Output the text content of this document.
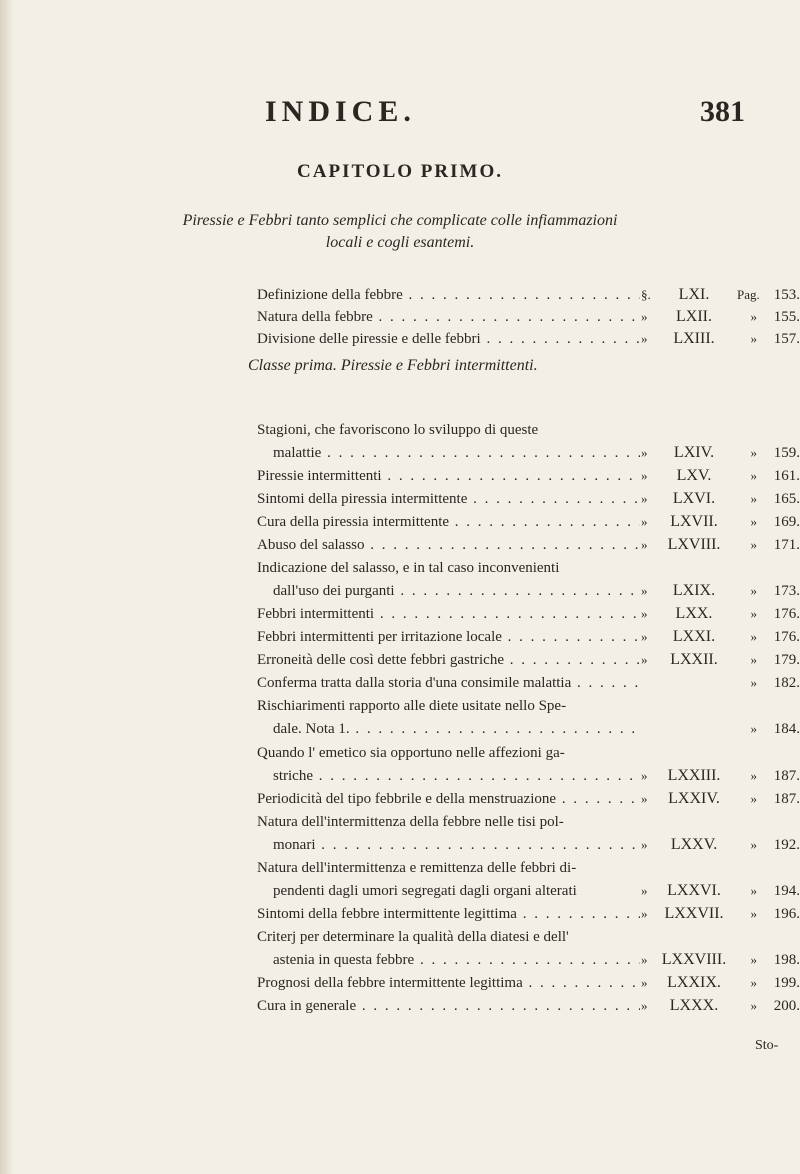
INDICE.	381
CAPITOLO PRIMO.
Piressie e Febbri tanto semplici che complicate colle infiammazioni
locali e cogli esantemi.
Classe prima. Piressie e Febbri intermittenti.
Definizione della febbre . . .	§.	LXI.	Pag. 153.
Natura della febbre . . .	»	LXII.	»	155.
Divisione delle piressie e delle febbri . . .	»	LXIII.	»	157.
Stagioni, che favoriscono lo sviluppo di queste
malattie . . .	»	LXIV.	»	159.
Piressie intermittenti . . .	»	LXV.	»	161.
Sintomi della piressia intermittente . . .	»	LXVI.	»	165.
Cura della piressia intermittente . . .	»	LXVII.	»	169.
Abuso del salasso . . .	»	LXVIII.	»	171.
Indicazione del salasso, e in tal caso inconvenienti
dall'uso dei purganti . . .	»	LXIX.	»	173.
Febbri intermittenti . . .	»	LXX.	»	176.
Febbri intermittenti per irritazione locale . . .	»	LXXI.	»	176.
Erroneità delle così dette febbri gastriche . . .	»	LXXII.	»	179.
Conferma tratta dalla storia d'una consimile malattia . . .	»	182.
Rischiarimenti rapporto alle diete usitate nello Spe-
dale. Nota 1. . . .	»	184.
Quando l' emetico sia opportuno nelle affezioni ga-
striche . . .	»	LXXIII.	»	187.
Periodicità del tipo febbrile e della menstruazione . . .	»	LXXIV.	»	187.
Natura dell'intermittenza della febbre nelle tisi pol-
monari . . .	»	LXXV.	»	192.
Natura dell'intermittenza e remittenza delle febbri di-
pendenti dagli umori segregati dagli organi alterati	»	LXXVI.	»	194.
Sintomi della febbre intermittente legittima . . .	»	LXXVII.	»	196.
Criterj per determinare la qualità della diatesi e dell'
astenia in questa febbre . . .	» LXXVIII.	»	198.
Prognosi della febbre intermittente legittima . . .	»	LXXIX.	»	199.
Cura in generale . . .	»	LXXX.	»	200.
Sto-
